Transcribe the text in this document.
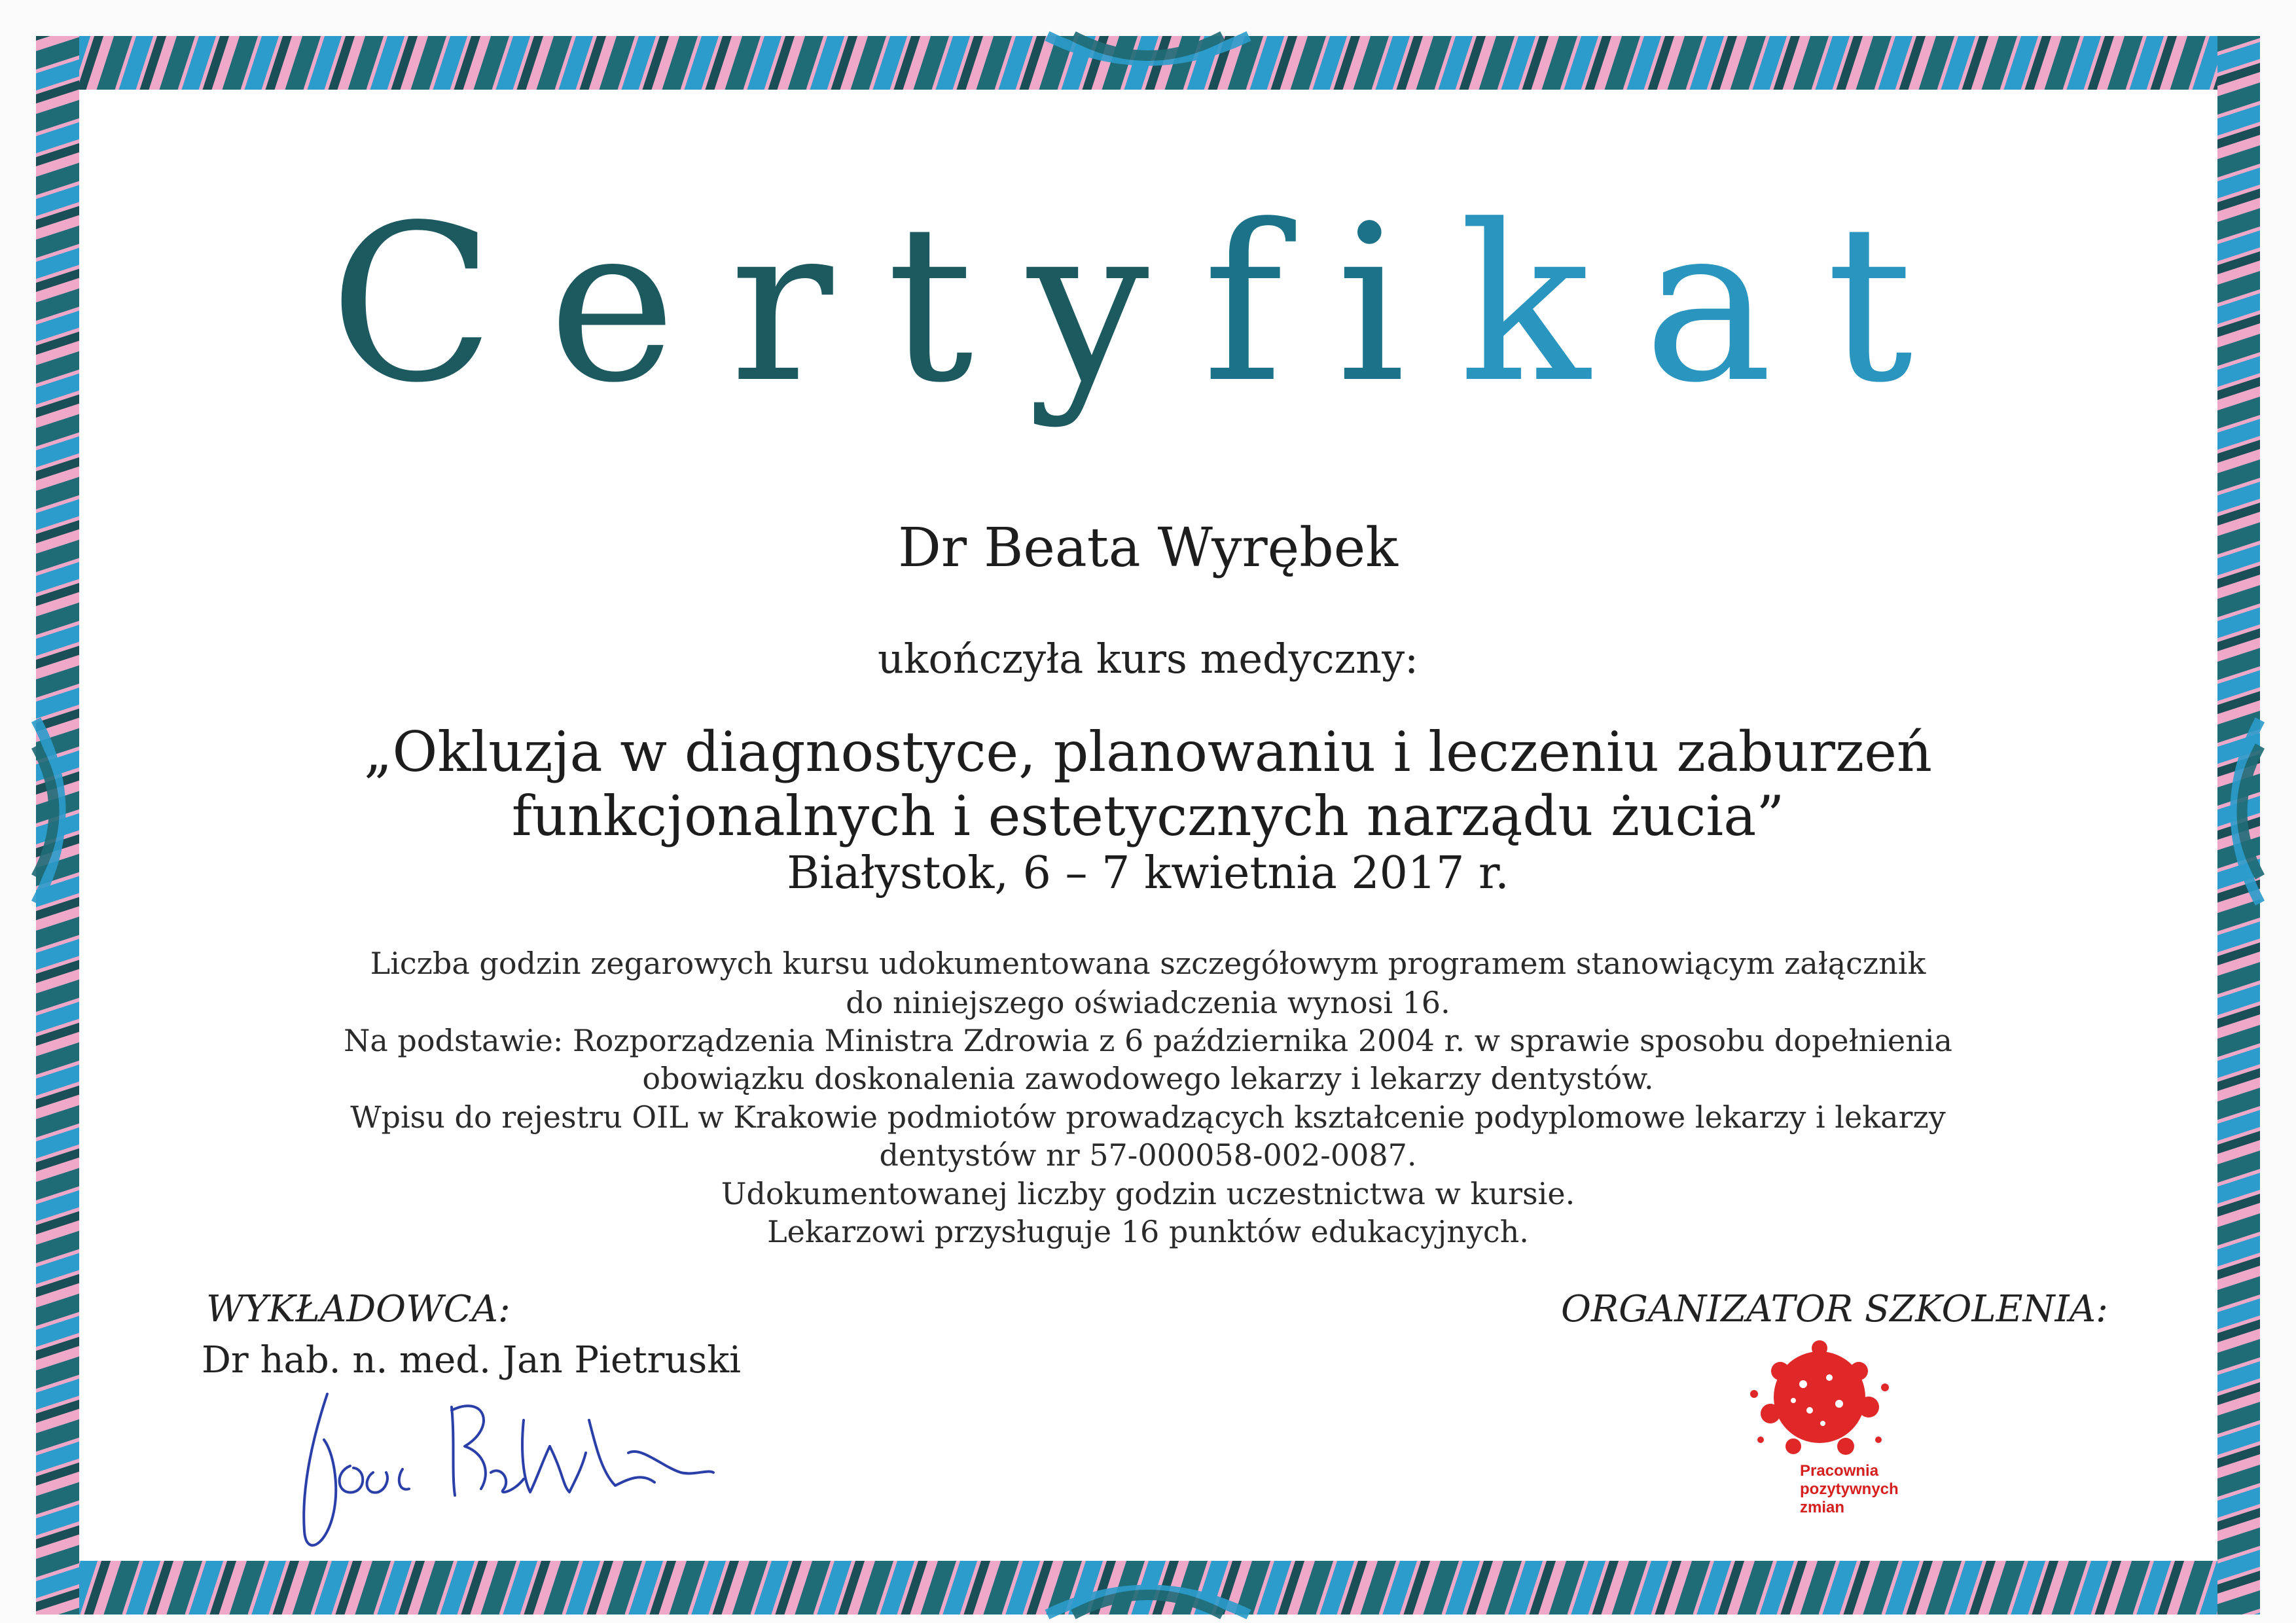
Certyfikat
Dr Beata Wyrębek
ukończyła kurs medyczny:
„Okluzja w diagnostyce, planowaniu i leczeniu zaburzeń
funkcjonalnych i estetycznych narządu żucia”
Białystok, 6 – 7 kwietnia 2017 r.
Liczba godzin zegarowych kursu udokumentowana szczegółowym programem stanowiącym załącznik
do niniejszego oświadczenia wynosi 16.
Na podstawie: Rozporządzenia Ministra Zdrowia z 6 października 2004 r. w sprawie sposobu dopełnienia
obowiązku doskonalenia zawodowego lekarzy i lekarzy dentystów.
Wpisu do rejestru OIL w Krakowie podmiotów prowadzących kształcenie podyplomowe lekarzy i lekarzy
dentystów nr 57-000058-002-0087.
Udokumentowanej liczby godzin uczestnictwa w kursie.
Lekarzowi przysługuje 16 punktów edukacyjnych.
WYKŁADOWCA:
Dr hab. n. med. Jan Pietruski
ORGANIZATOR SZKOLENIA:
Pracownia
pozytywnych
zmian
